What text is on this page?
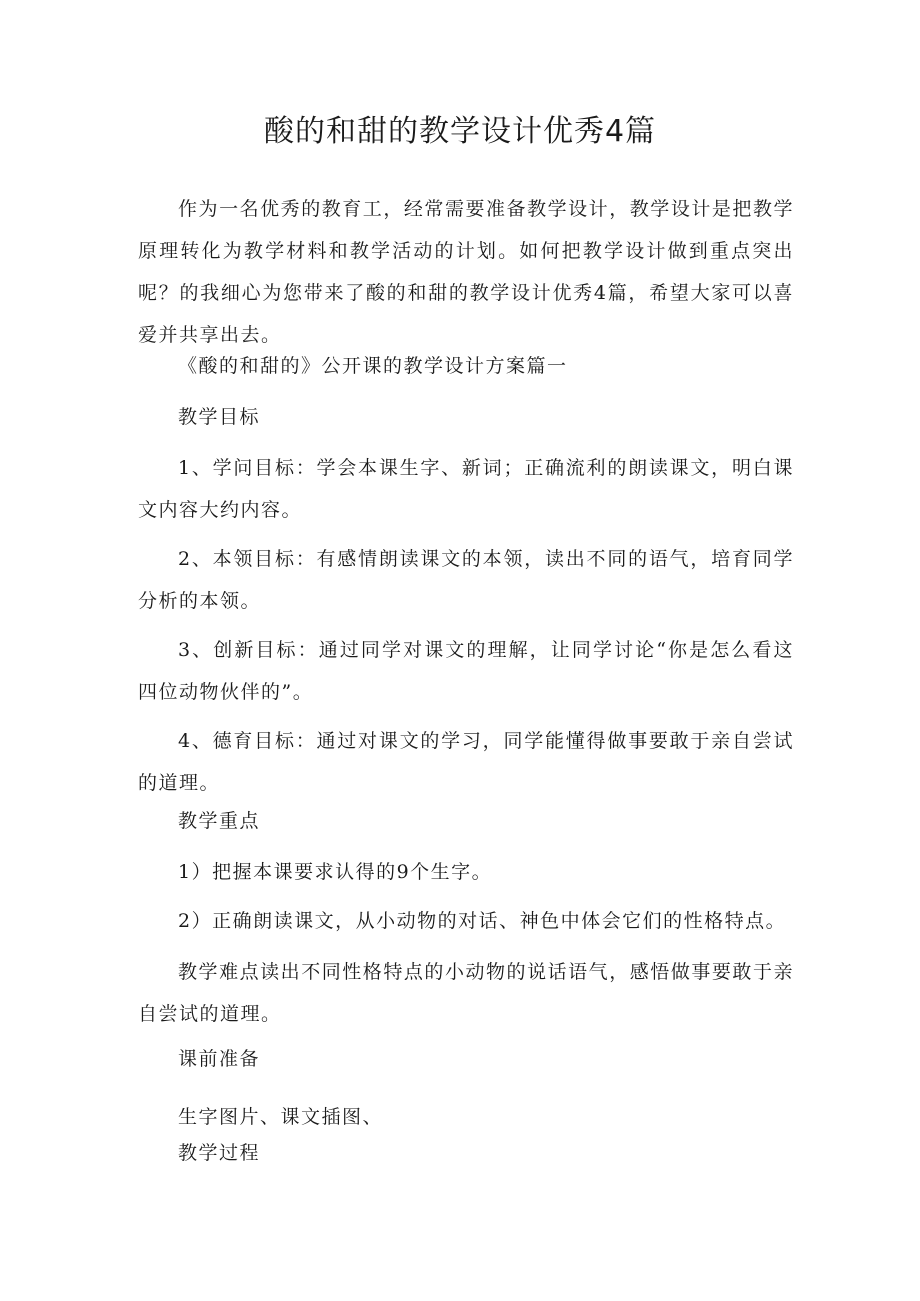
酸的和甜的教学设计优秀4篇

作为一名优秀的教育工，经常需要准备教学设计，教学设计是把教学原理转化为教学材料和教学活动的计划。如何把教学设计做到重点突出呢？的我细心为您带来了酸的和甜的教学设计优秀4篇，希望大家可以喜爱并共享出去。

《酸的和甜的》公开课的教学设计方案篇一

教学目标

1、学问目标：学会本课生字、新词；正确流利的朗读课文，明白课文内容大约内容。

2、本领目标：有感情朗读课文的本领，读出不同的语气，培育同学分析的本领。

3、创新目标：通过同学对课文的理解，让同学讨论“你是怎么看这四位动物伙伴的”。

4、德育目标：通过对课文的学习，同学能懂得做事要敢于亲自尝试的道理。

教学重点

1）把握本课要求认得的9个生字。

2）正确朗读课文，从小动物的对话、神色中体会它们的性格特点。

教学难点读出不同性格特点的小动物的说话语气，感悟做事要敢于亲自尝试的道理。

课前准备

生字图片、课文插图、

教学过程
